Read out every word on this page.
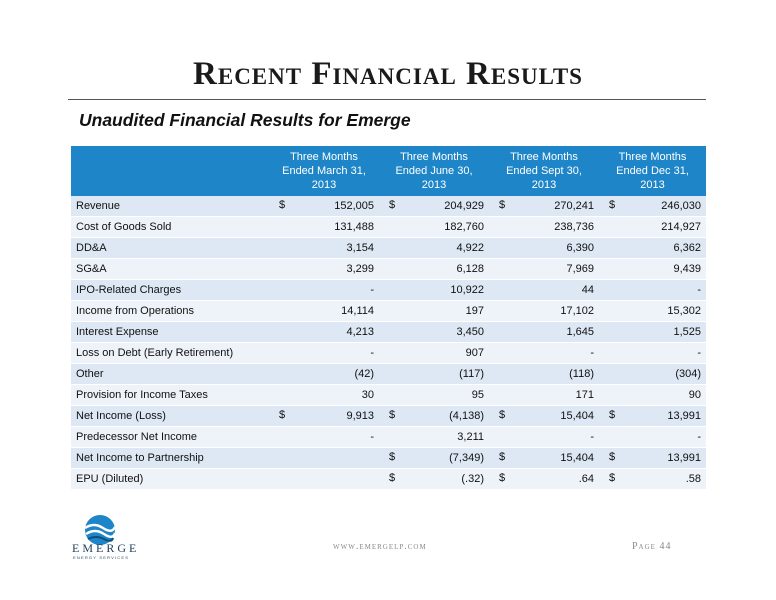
Recent Financial Results
Unaudited Financial Results for Emerge
	Three Months Ended March 31, 2013	Three Months Ended June 30, 2013	Three Months Ended Sept 30, 2013	Three Months Ended Dec 31, 2013
Revenue	$ 152,005	$ 204,929	$ 270,241	$ 246,030
Cost of Goods Sold	131,488	182,760	238,736	214,927
DD&A	3,154	4,922	6,390	6,362
SG&A	3,299	6,128	7,969	9,439
IPO-Related Charges	-	10,922	44	-
Income from Operations	14,114	197	17,102	15,302
Interest Expense	4,213	3,450	1,645	1,525
Loss on Debt (Early Retirement)	-	907	-	-
Other	(42)	(117)	(118)	(304)
Provision for Income Taxes	30	95	171	90
Net Income (Loss)	$ 9,913	$ (4,138)	$ 15,404	$ 13,991
Predecessor Net Income	-	3,211	-	-
Net Income to Partnership		$ (7,349)	$ 15,404	$ 13,991
EPU (Diluted)		$ (.32)	$ .64	$ .58
EMERGE
ENERGY SERVICES
www.emergelp.com	Page 44
